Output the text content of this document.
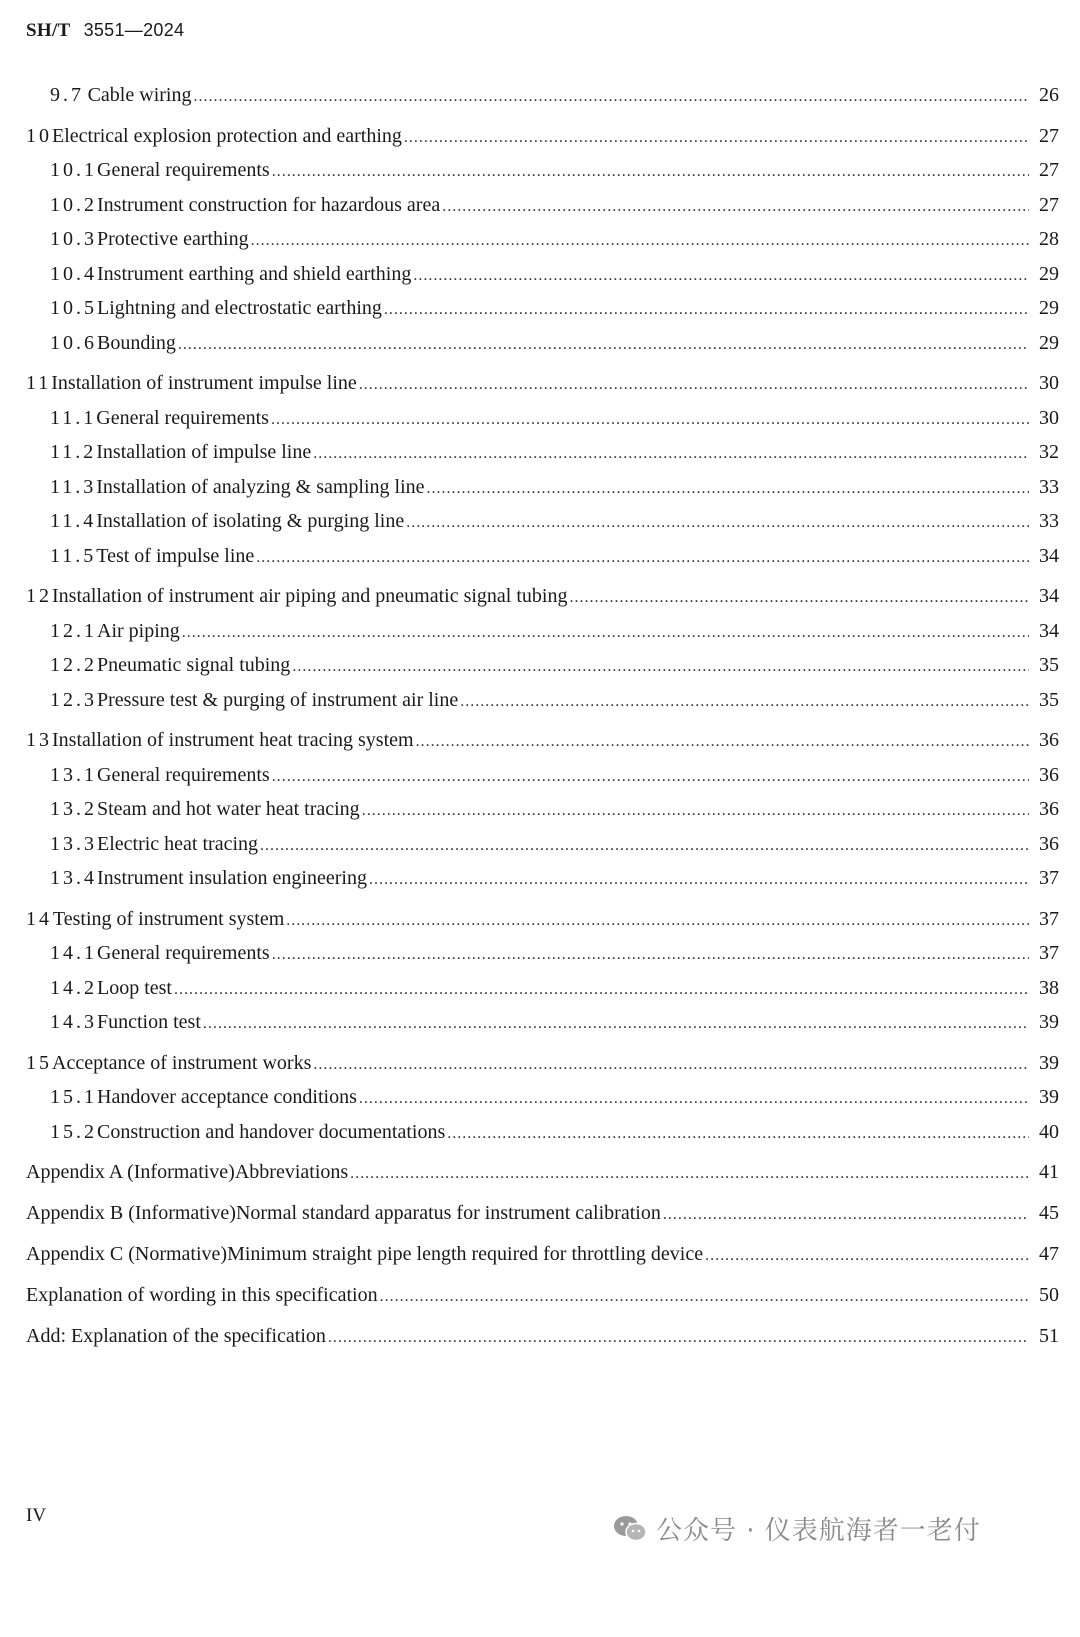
SH/T 3551—2024
9.7 Cable wiring .....	26
10 Electrical explosion protection and earthing .....	27
10.1 General requirements .....	27
10.2 Instrument construction for hazardous area .....	27
10.3 Protective earthing .....	28
10.4 Instrument earthing and shield earthing .....	29
10.5 Lightning and electrostatic earthing .....	29
10.6 Bounding .....	29
11 Installation of instrument impulse line .....	30
11.1 General requirements .....	30
11.2 Installation of impulse line .....	32
11.3 Installation of analyzing & sampling line .....	33
11.4 Installation of isolating & purging line .....	33
11.5 Test of impulse line .....	34
12 Installation of instrument air piping and pneumatic signal tubing .....	34
12.1 Air piping .....	34
12.2 Pneumatic signal tubing .....	35
12.3 Pressure test & purging of instrument air line .....	35
13 Installation of instrument heat tracing system .....	36
13.1 General requirements .....	36
13.2 Steam and hot water heat tracing .....	36
13.3 Electric heat tracing .....	36
13.4 Instrument insulation engineering .....	37
14 Testing of instrument system .....	37
14.1 General requirements .....	37
14.2 Loop test .....	38
14.3 Function test .....	39
15 Acceptance of instrument works .....	39
15.1 Handover acceptance conditions .....	39
15.2 Construction and handover documentations .....	40
Appendix A (Informative) Abbreviations .....	41
Appendix B (Informative) Normal standard apparatus for instrument calibration .....	45
Appendix C (Normative) Minimum straight pipe length required for throttling device .....	47
Explanation of wording in this specification .....	50
Add: Explanation of the specification .....	51
IV
公众号 · 仪表航海者一老付
